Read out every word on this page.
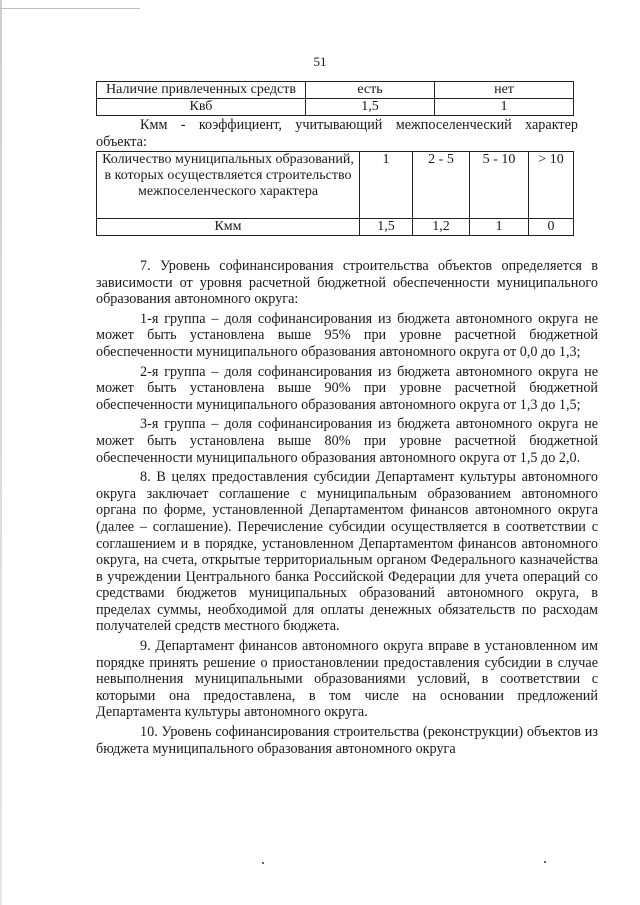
51
Наличие привлеченных средств	есть	нет
Квб	1,5	1
Кмм - коэффициент, учитывающий межпоселенческий характер
объекта:
Количество муниципальных образований, в которых осуществляется строительство межпоселенческого характера	1	2 - 5	5 - 10	> 10
Кмм	1,5	1,2	1	0

7. Уровень софинансирования строительства объектов определяется в зависимости от уровня расчетной бюджетной обеспеченности муниципального образования автономного округа:

1-я группа – доля софинансирования из бюджета автономного округа не может быть установлена выше 95% при уровне расчетной бюджетной обеспеченности муниципального образования автономного округа от 0,0 до 1,3;

2-я группа – доля софинансирования из бюджета автономного округа не может быть установлена выше 90% при уровне расчетной бюджетной обеспеченности муниципального образования автономного округа от 1,3 до 1,5;

3-я группа – доля софинансирования из бюджета автономного округа не может быть установлена выше 80% при уровне расчетной бюджетной обеспеченности муниципального образования автономного округа от 1,5 до 2,0.

8. В целях предоставления субсидии Департамент культуры автономного округа заключает соглашение с муниципальным образованием автономного органа по форме, установленной Департаментом финансов автономного округа (далее – соглашение). Перечисление субсидии осуществляется в соответствии с соглашением и в порядке, установленном Департаментом финансов автономного округа, на счета, открытые территориальным органом Федерального казначейства в учреждении Центрального банка Российской Федерации для учета операций со средствами бюджетов муниципальных образований автономного округа, в пределах суммы, необходимой для оплаты денежных обязательств по расходам получателей средств местного бюджета.

9. Департамент финансов автономного округа вправе в установленном им порядке принять решение о приостановлении предоставления субсидии в случае невыполнения муниципальными образованиями условий, в соответствии с которыми она предоставлена, в том числе на основании предложений Департамента культуры автономного округа.

10. Уровень софинансирования строительства (реконструкции) объектов из бюджета муниципального образования автономного округа
